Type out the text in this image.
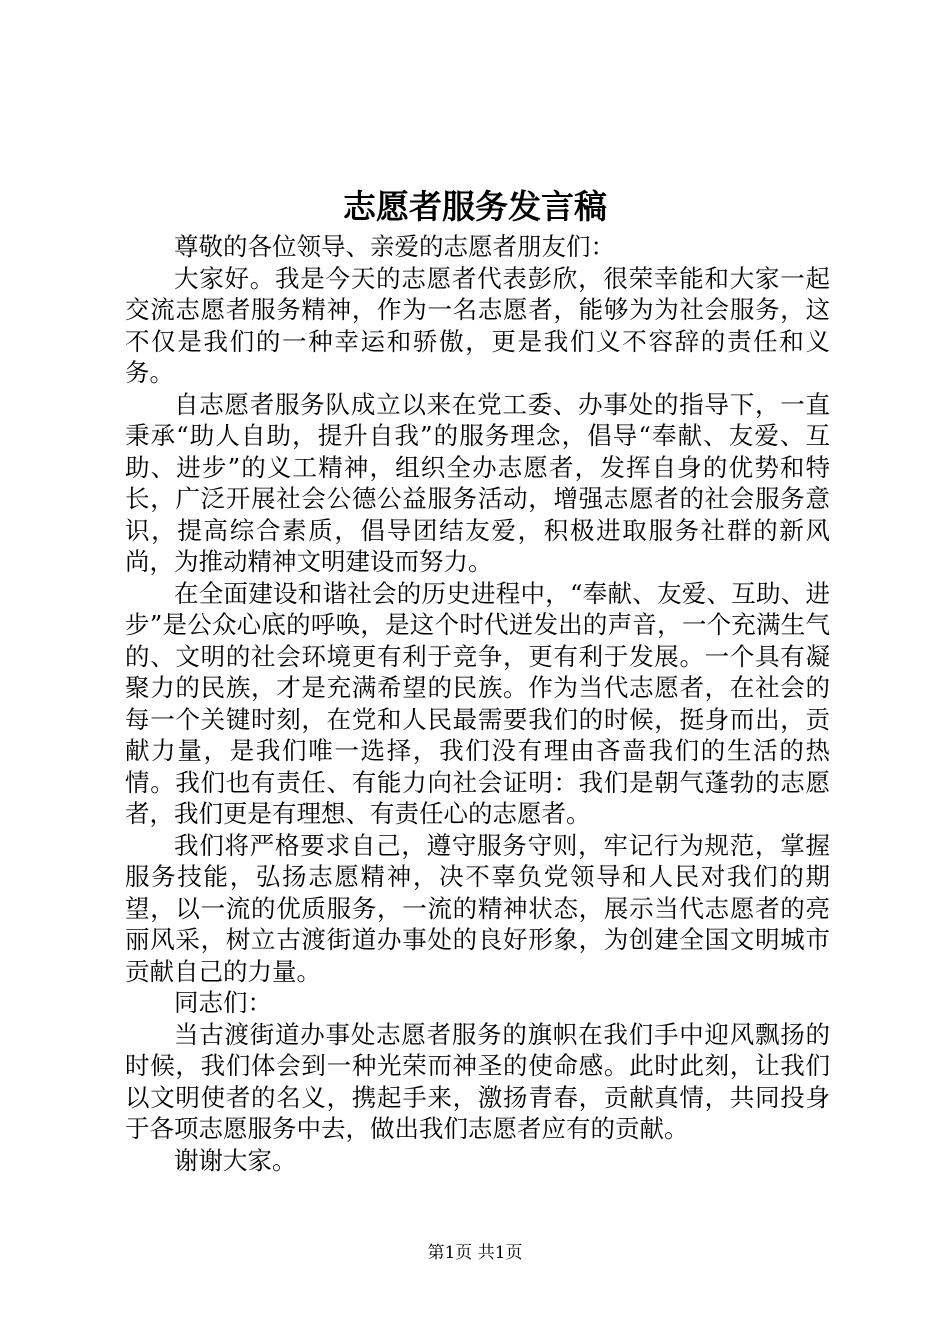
志愿者服务发言稿

尊敬的各位领导、亲爱的志愿者朋友们：

大家好。我是今天的志愿者代表彭欣，很荣幸能和大家一起交流志愿者服务精神，作为一名志愿者，能够为为社会服务，这不仅是我们的一种幸运和骄傲，更是我们义不容辞的责任和义务。

自志愿者服务队成立以来在党工委、办事处的指导下，一直秉承“助人自助，提升自我”的服务理念，倡导“奉献、友爱、互助、进步”的义工精神，组织全办志愿者，发挥自身的优势和特长，广泛开展社会公德公益服务活动，增强志愿者的社会服务意识，提高综合素质，倡导团结友爱，积极进取服务社群的新风尚，为推动精神文明建设而努力。

在全面建设和谐社会的历史进程中，“奉献、友爱、互助、进步”是公众心底的呼唤，是这个时代迸发出的声音，一个充满生气的、文明的社会环境更有利于竞争，更有利于发展。一个具有凝聚力的民族，才是充满希望的民族。作为当代志愿者，在社会的每一个关键时刻，在党和人民最需要我们的时候，挺身而出，贡献力量，是我们唯一选择，我们没有理由吝啬我们的生活的热情。我们也有责任、有能力向社会证明：我们是朝气蓬勃的志愿者，我们更是有理想、有责任心的志愿者。

我们将严格要求自己，遵守服务守则，牢记行为规范，掌握服务技能，弘扬志愿精神，决不辜负党领导和人民对我们的期望，以一流的优质服务，一流的精神状态，展示当代志愿者的亮丽风采，树立古渡街道办事处的良好形象，为创建全国文明城市贡献自己的力量。

同志们：

当古渡街道办事处志愿者服务的旗帜在我们手中迎风飘扬的时候，我们体会到一种光荣而神圣的使命感。此时此刻，让我们以文明使者的名义，携起手来，激扬青春，贡献真情，共同投身于各项志愿服务中去，做出我们志愿者应有的贡献。

谢谢大家。

第1页 共1页
